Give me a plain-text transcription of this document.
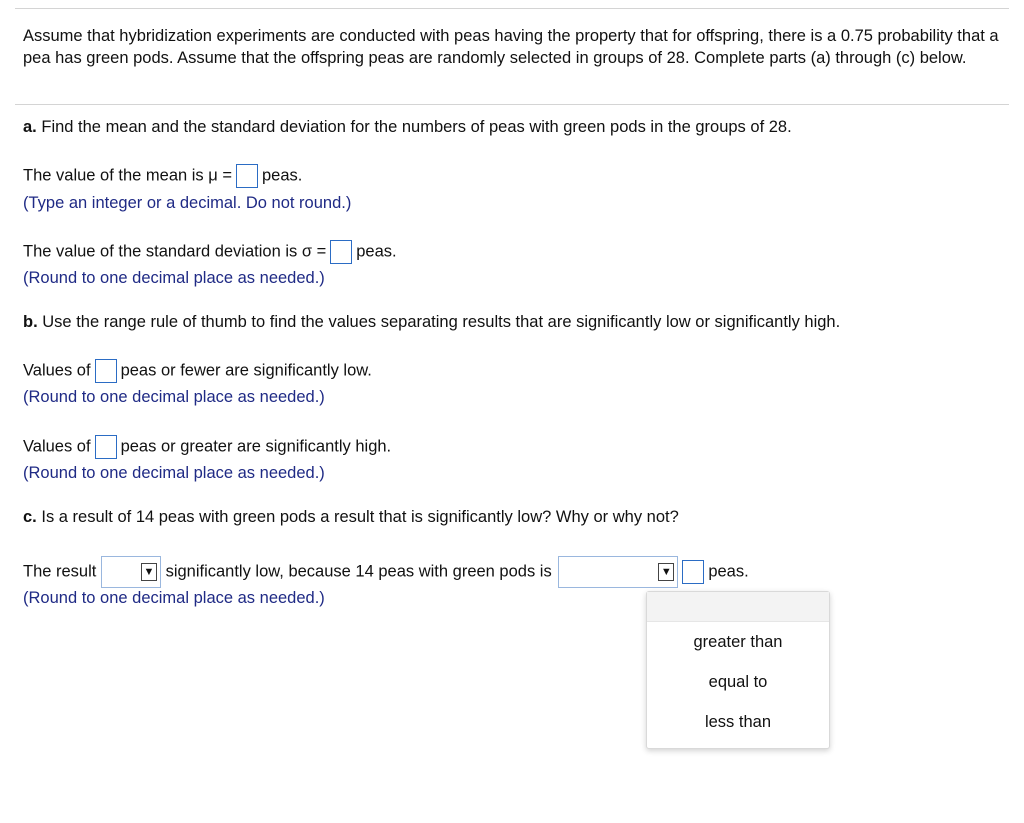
Assume that hybridization experiments are conducted with peas having the property that for offspring, there is a 0.75 probability that a pea has green pods. Assume that the offspring peas are randomly selected in groups of 28. Complete parts (a) through (c) below.
a. Find the mean and the standard deviation for the numbers of peas with green pods in the groups of 28.
The value of the mean is μ = peas.
(Type an integer or a decimal. Do not round.)
The value of the standard deviation is σ = peas.
(Round to one decimal place as needed.)
b. Use the range rule of thumb to find the values separating results that are significantly low or significantly high.
Values of peas or fewer are significantly low.
(Round to one decimal place as needed.)
Values of peas or greater are significantly high.
(Round to one decimal place as needed.)
c. Is a result of 14 peas with green pods a result that is significantly low? Why or why not?
The result	▼ significantly low, because 14 peas with green pods is	▼ peas.
(Round to one decimal place as needed.)
greater than
equal to
less than
